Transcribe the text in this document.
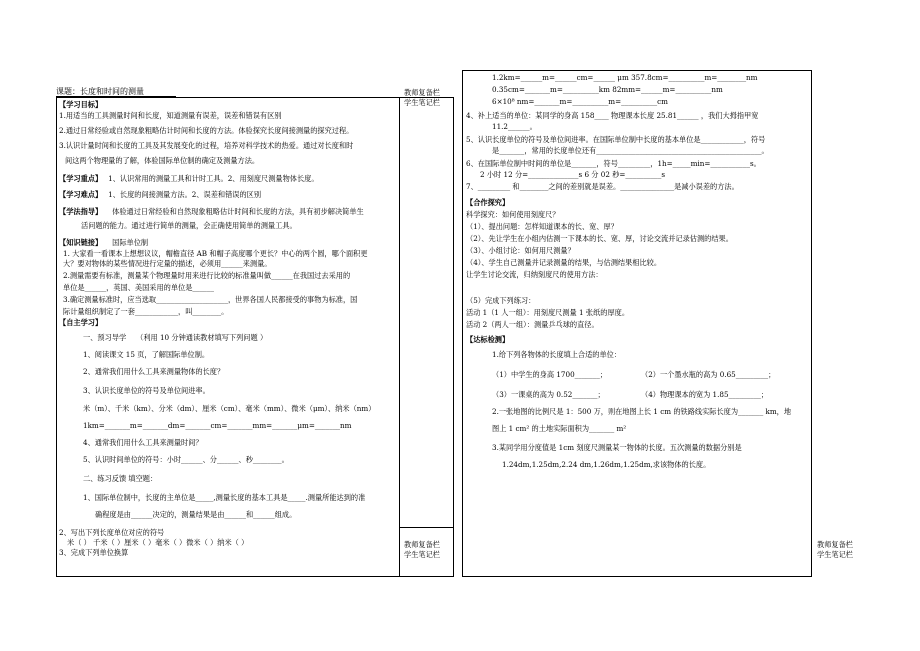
课题：长度和时间的测量	教师复备栏
学生笔记栏
教师复备栏
学生笔记栏
【学习目标】
1.用适当的工具测量时间和长度，知道测量有误差，误差和错误有区别
2.通过日常经验或自然现象粗略估计时间和长度的方法。体验探究长度间接测量的探究过程。
3.认识计量时间和长度的工具及其发展变化的过程，培养对科学技术的热爱。通过对长度和时
间这两个物理量的了解，体验国际单位制的确定及测量方法。
【学习重点】 1、认识常用的测量工具和计时工具。2、用刻度尺测量物体长度。
【学习难点】 1、长度的间接测量方法。2、误差和错误的区别
【学法指导】 体验通过日常经验和自然现象粗略估计时间和长度的方法，具有初步解决简单生
活问题的能力。通过进行简单的测量，会正确使用简单的测量工具。
【知识链接】 国际单位制
1. 大家看一看课本上想想议议，帽檐直径 AB 和帽子高度哪个更长？中心的两个圆，哪个面积更
大？要对物体的某些情况进行定量的描述，必须用______来测量。
2.测量需要有标准，测量某个物理量时用来进行比较的标准量叫做______在我国过去采用的
单位是______，英国、美国采用的单位是______
3.确定测量标准时，应当选取____________________，世界各国人民都接受的事物为标准，国
际计量组织制定了一套____________，叫________。
【自主学习】
一、预习导学 （利用 10 分钟通读教材填写下列问题 ）
1、阅读课文 15 页，了解国际单位制。
2、通常我们用什么工具来测量物体的长度？
3、认识长度单位的符号及单位间进率。
米（m）、千米（km）、分米（dm）、厘米（cm）、毫米（mm）、微米（μm）、纳米（nm）
1km=_______m=_______dm=_______cm=_______mm=_______μm=_______nm
4、通常我们用什么工具来测量时间？
5、认识时间单位的符号：小时______、分______、秒________。
二、练习反馈 填空题：
1、国际单位制中，长度的主单位是_____,测量长度的基本工具是_____.测量所能达到的准
确程度是由______决定的，测量结果是由______和______组成。
2、写出下列长度单位对应的符号
米（ ） 千米（ ）厘米（ ）毫米（ ）微米（ ）纳米（ ）
3、完成下列单位换算
1.2km=______m=______cm=______ μm 357.8cm=__________m=________nm
0.35cm=_______m=__________km 82mm=______m=__________nm
6×10⁸ nm=_______m=__________m=__________cm
4、补上适当的单位：某同学的身高 158____ 物理课本长度 25.81______ ，我们大拇指甲宽
11.2______。
5、认识长度单位的符号及单位间进率。在国际单位制中长度的基本单位是____________，符号
是_______，常用的长度单位还有______________________________________________。
6、在国际单位制中时间的单位是_______，符号_________，1h=_____min=___________s。
2 小时 12 分=______________s 6 分 02 秒=__________s
7、_________ 和________之间的差别就是误差。_______________是减小误差的方法。
【合作探究】
科学探究：如何使用刻度尺？
（1）、提出问题：怎样知道课本的长、宽、厚？
（2）、先让学生在小组内估测一下课本的长、宽、厚，讨论交流并记录估测的结果。
（3）、小组讨论：如何用尺测量？
（4）、学生自己测量并记录测量的结果，与估测结果相比较。
让学生讨论交流，归纳刻度尺的使用方法：
（5）完成下列练习：
活动 1（1 人一组）：用刻度尺测量 1 张纸的厚度。
活动 2（两人一组）：测量乒乓球的直径。
【达标检测】
1.给下列各物体的长度填上合适的单位：
（1）中学生的身高 1700_______；	（2）一个墨水瓶的高为 0.65_________；
（3）一课桌的高为 0.52_______；	（4）物理课本的宽为 1.85_________；
2.一张地图的比例尺是 1：500 万，则在地图上长 1 cm 的铁路线实际长度为_______ km，地
图上 1 cm² 的土地实际面积为_______ m²
3.某同学用分度值是 1cm 刻度尺测量某一物体的长度。五次测量的数据分别是
1.24dm,1.25dm,2.24 dm,1.26dm,1.25dm,求该物体的长度。
教师复备栏
学生笔记栏
